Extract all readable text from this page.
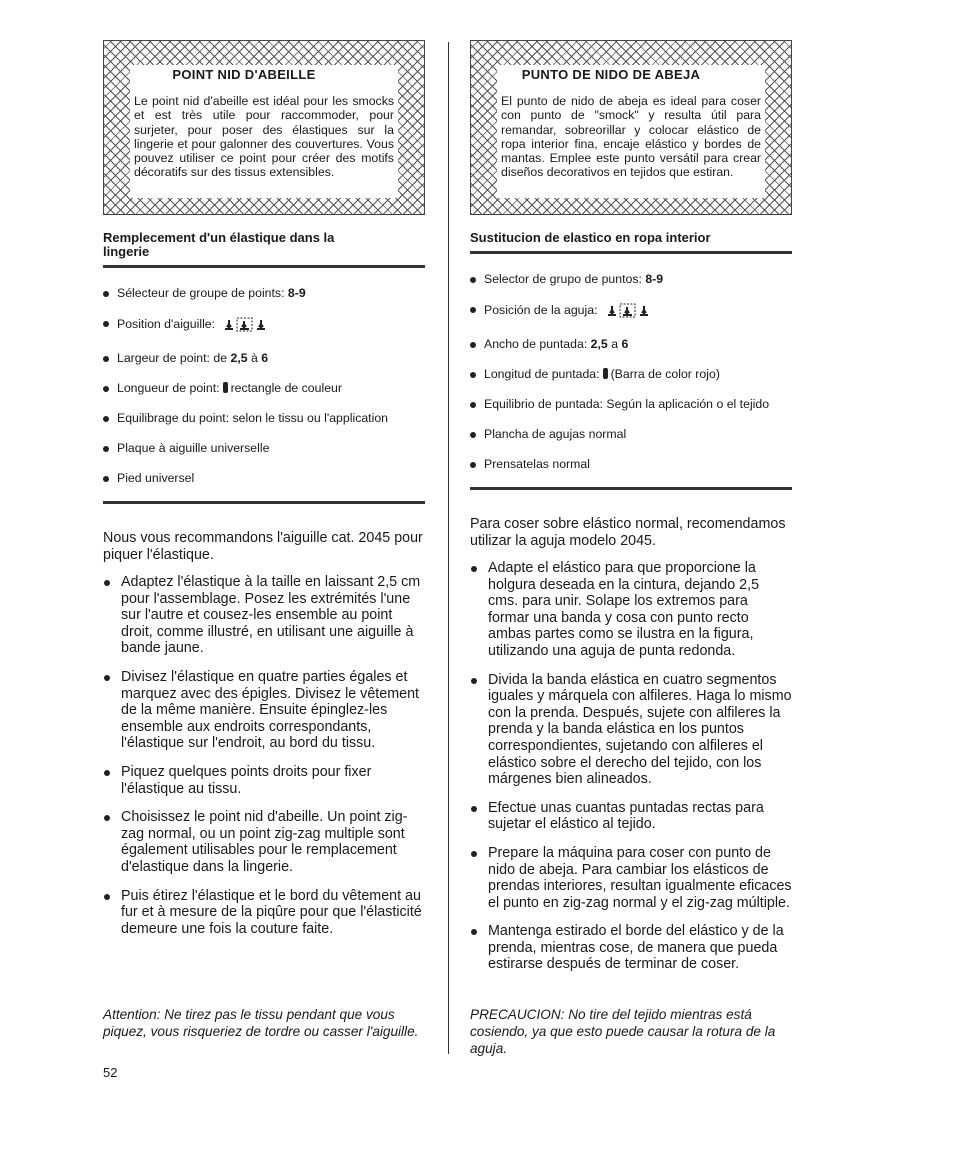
POINT NID D'ABEILLE

Le point nid d'abeille est idéal pour les smocks et est très utile pour raccommoder, pour surjeter, pour poser des élastiques sur la lingerie et pour galonner des couvertures. Vous pouvez utiliser ce point pour créer des motifs décoratifs sur des tissus extensibles.

Remplecement d'un élastique dans la lingerie

Sélecteur de groupe de points: 8-9
Position d'aiguille:
Largeur de point: de 2,5 à 6
Longueur de point: rectangle de couleur
Equilibrage du point: selon le tissu ou l'application
Plaque à aiguille universelle
Pied universel

Nous vous recommandons l'aiguille cat. 2045 pour piquer l'élastique.

Adaptez l'élastique à la taille en laissant 2,5 cm pour l'assemblage. Posez les extrémités l'une sur l'autre et cousez-les ensemble au point droit, comme illustré, en utilisant une aiguille à bande jaune.
Divisez l'élastique en quatre parties égales et marquez avec des épigles. Divisez le vêtement de la même manière. Ensuite épinglez-les ensemble aux endroits correspondants, l'élastique sur l'endroit, au bord du tissu.
Piquez quelques points droits pour fixer l'élastique au tissu.
Choisissez le point nid d'abeille. Un point zig-zag normal, ou un point zig-zag multiple sont également utilisables pour le remplacement d'elastique dans la lingerie.
Puis étirez l'élastique et le bord du vêtement au fur et à mesure de la piqûre pour que l'élasticité demeure une fois la couture faite.

Attention: Ne tirez pas le tissu pendant que vous piquez, vous risqueriez de tordre ou casser l'aiguille.

PUNTO DE NIDO DE ABEJA

El punto de nido de abeja es ideal para coser con punto de "smock" y resulta útil para remandar, sobreorillar y colocar elástico de ropa interior fina, encaje elástico y bordes de mantas. Emplee este punto versátil para crear diseños decorativos en tejidos que estiran.

Sustitucion de elastico en ropa interior

Selector de grupo de puntos: 8-9
Posición de la aguja:
Ancho de puntada: 2,5 a 6
Longitud de puntada: (Barra de color rojo)
Equilibrio de puntada: Según la aplicación o el tejido
Plancha de agujas normal
Prensatelas normal

Para coser sobre elástico normal, recomendamos utilizar la aguja modelo 2045.

Adapte el elástico para que proporcione la holgura deseada en la cintura, dejando 2,5 cms. para unir. Solape los extremos para formar una banda y cosa con punto recto ambas partes como se ilustra en la figura, utilizando una aguja de punta redonda.
Divida la banda elástica en cuatro segmentos iguales y márquela con alfileres. Haga lo mismo con la prenda. Después, sujete con alfileres la prenda y la banda elástica en los puntos correspondientes, sujetando con alfileres el elástico sobre el derecho del tejido, con los márgenes bien alineados.
Efectue unas cuantas puntadas rectas para sujetar el elástico al tejido.
Prepare la máquina para coser con punto de nido de abeja. Para cambiar los elásticos de prendas interiores, resultan igualmente eficaces el punto en zig-zag normal y el zig-zag múltiple.
Mantenga estirado el borde del elástico y de la prenda, mientras cose, de manera que pueda estirarse después de terminar de coser.

PRECAUCION: No tire del tejido mientras está cosiendo, ya que esto puede causar la rotura de la aguja.

52
